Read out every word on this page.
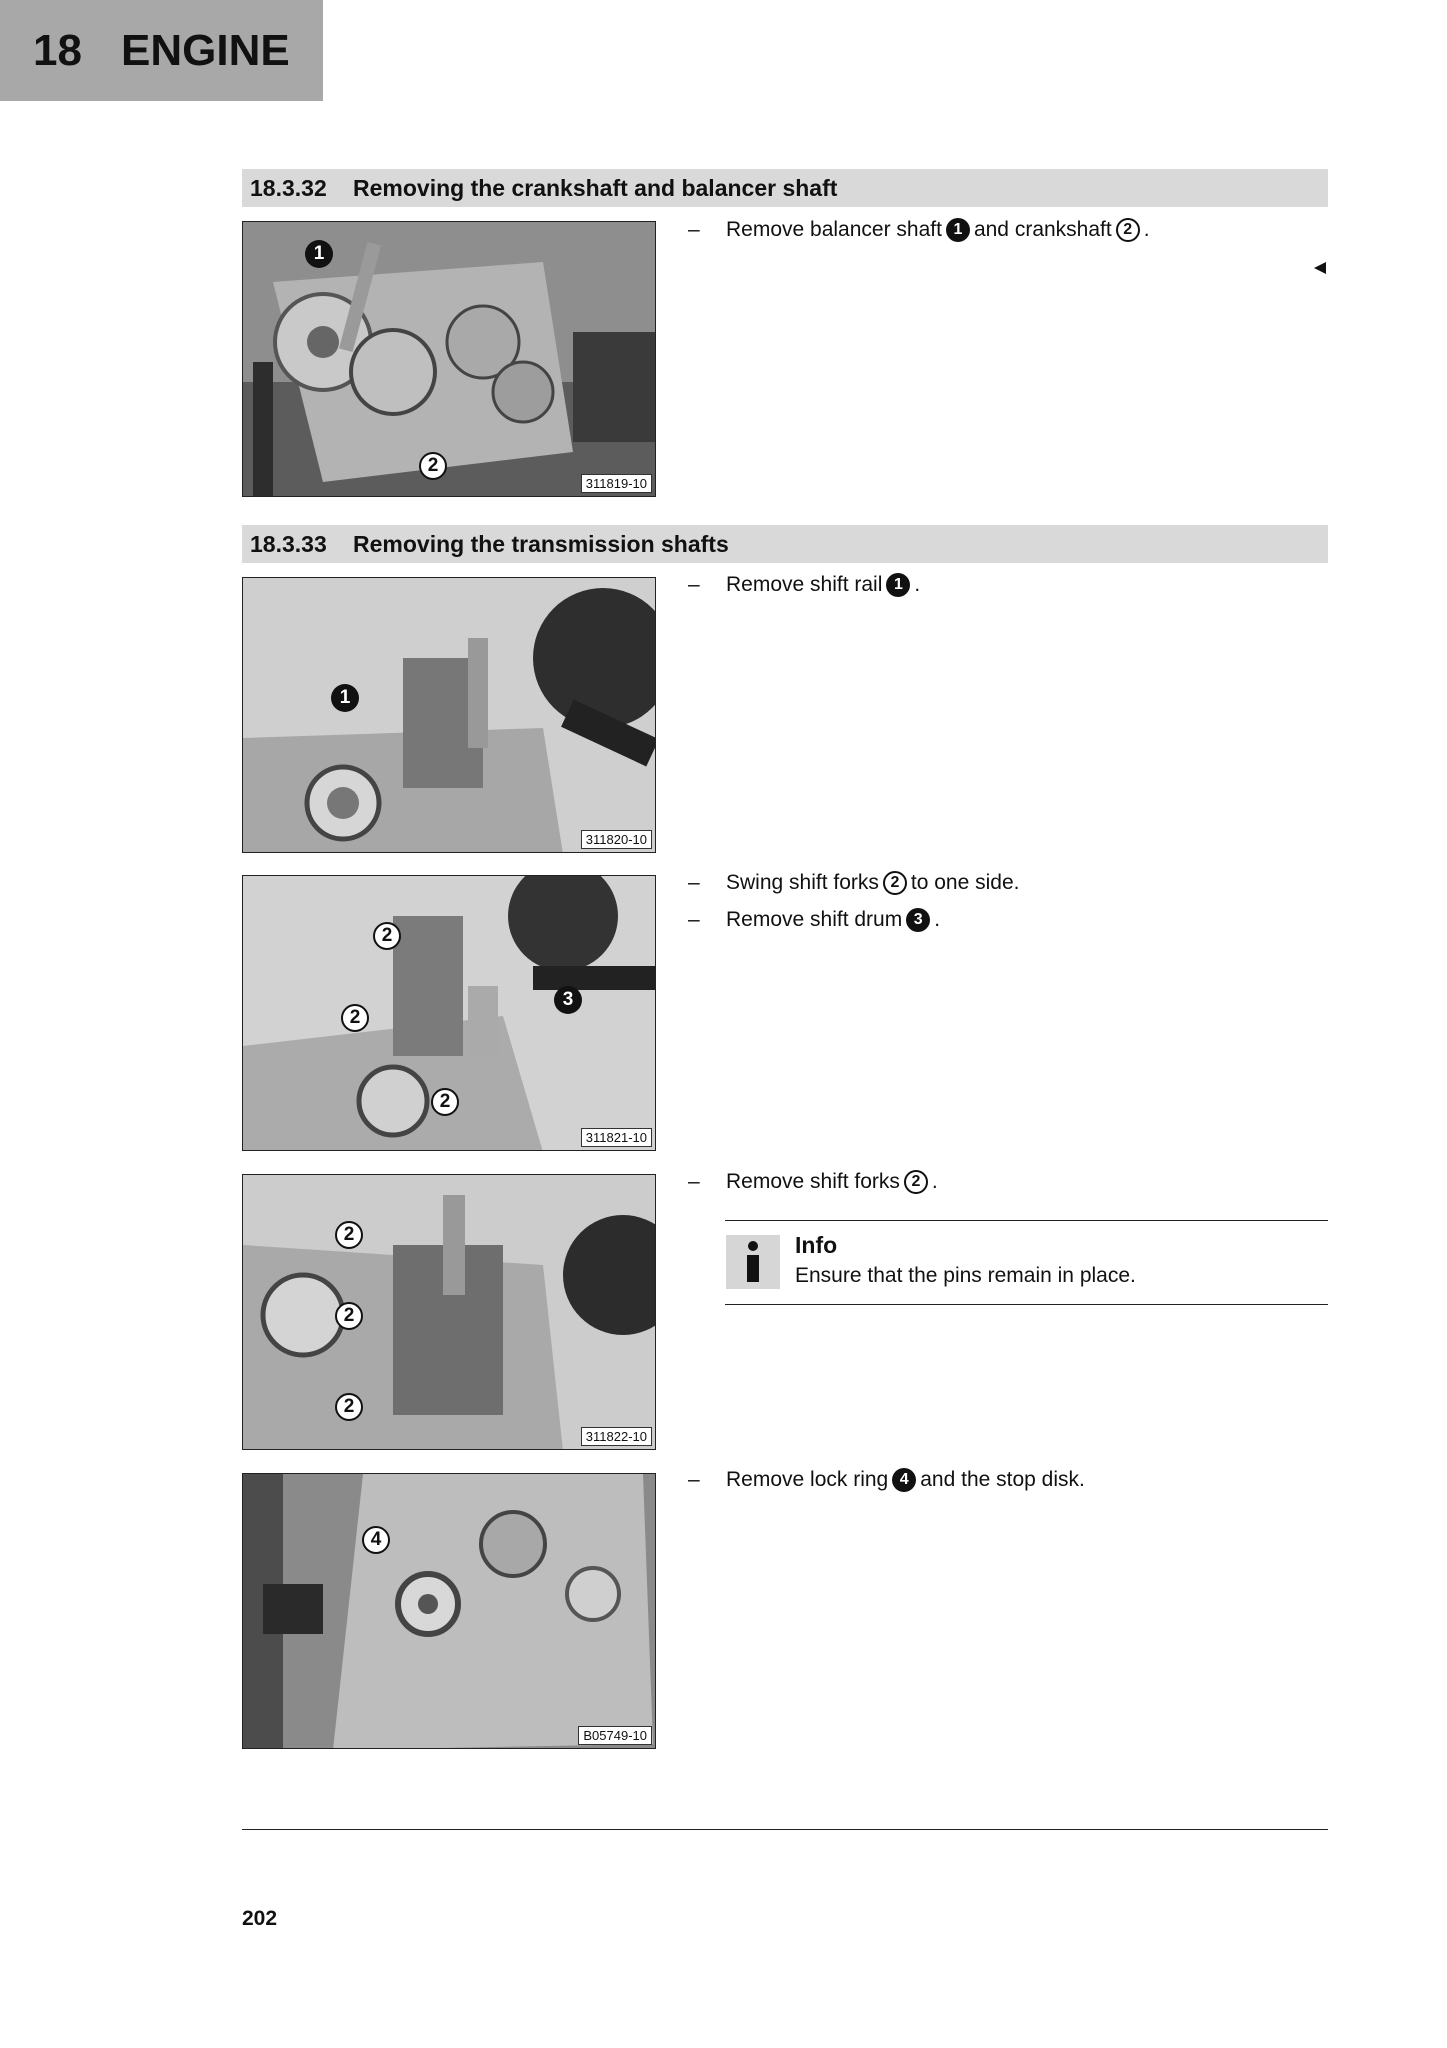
18 ENGINE
18.3.32	Removing the crankshaft and balancer shaft
1
2
311819-10
–	Remove balancer shaft 1 and crankshaft 2 .
18.3.33	Removing the transmission shafts
1
311820-10
–	Remove shift rail 1 .
2
3
2
2
311821-10
–	Swing shift forks 2 to one side.
–	Remove shift drum 3 .
2
2
2
311822-10
–	Remove shift forks 2 .
Info
Ensure that the pins remain in place.
4
B05749-10
–	Remove lock ring 4 and the stop disk.
202
